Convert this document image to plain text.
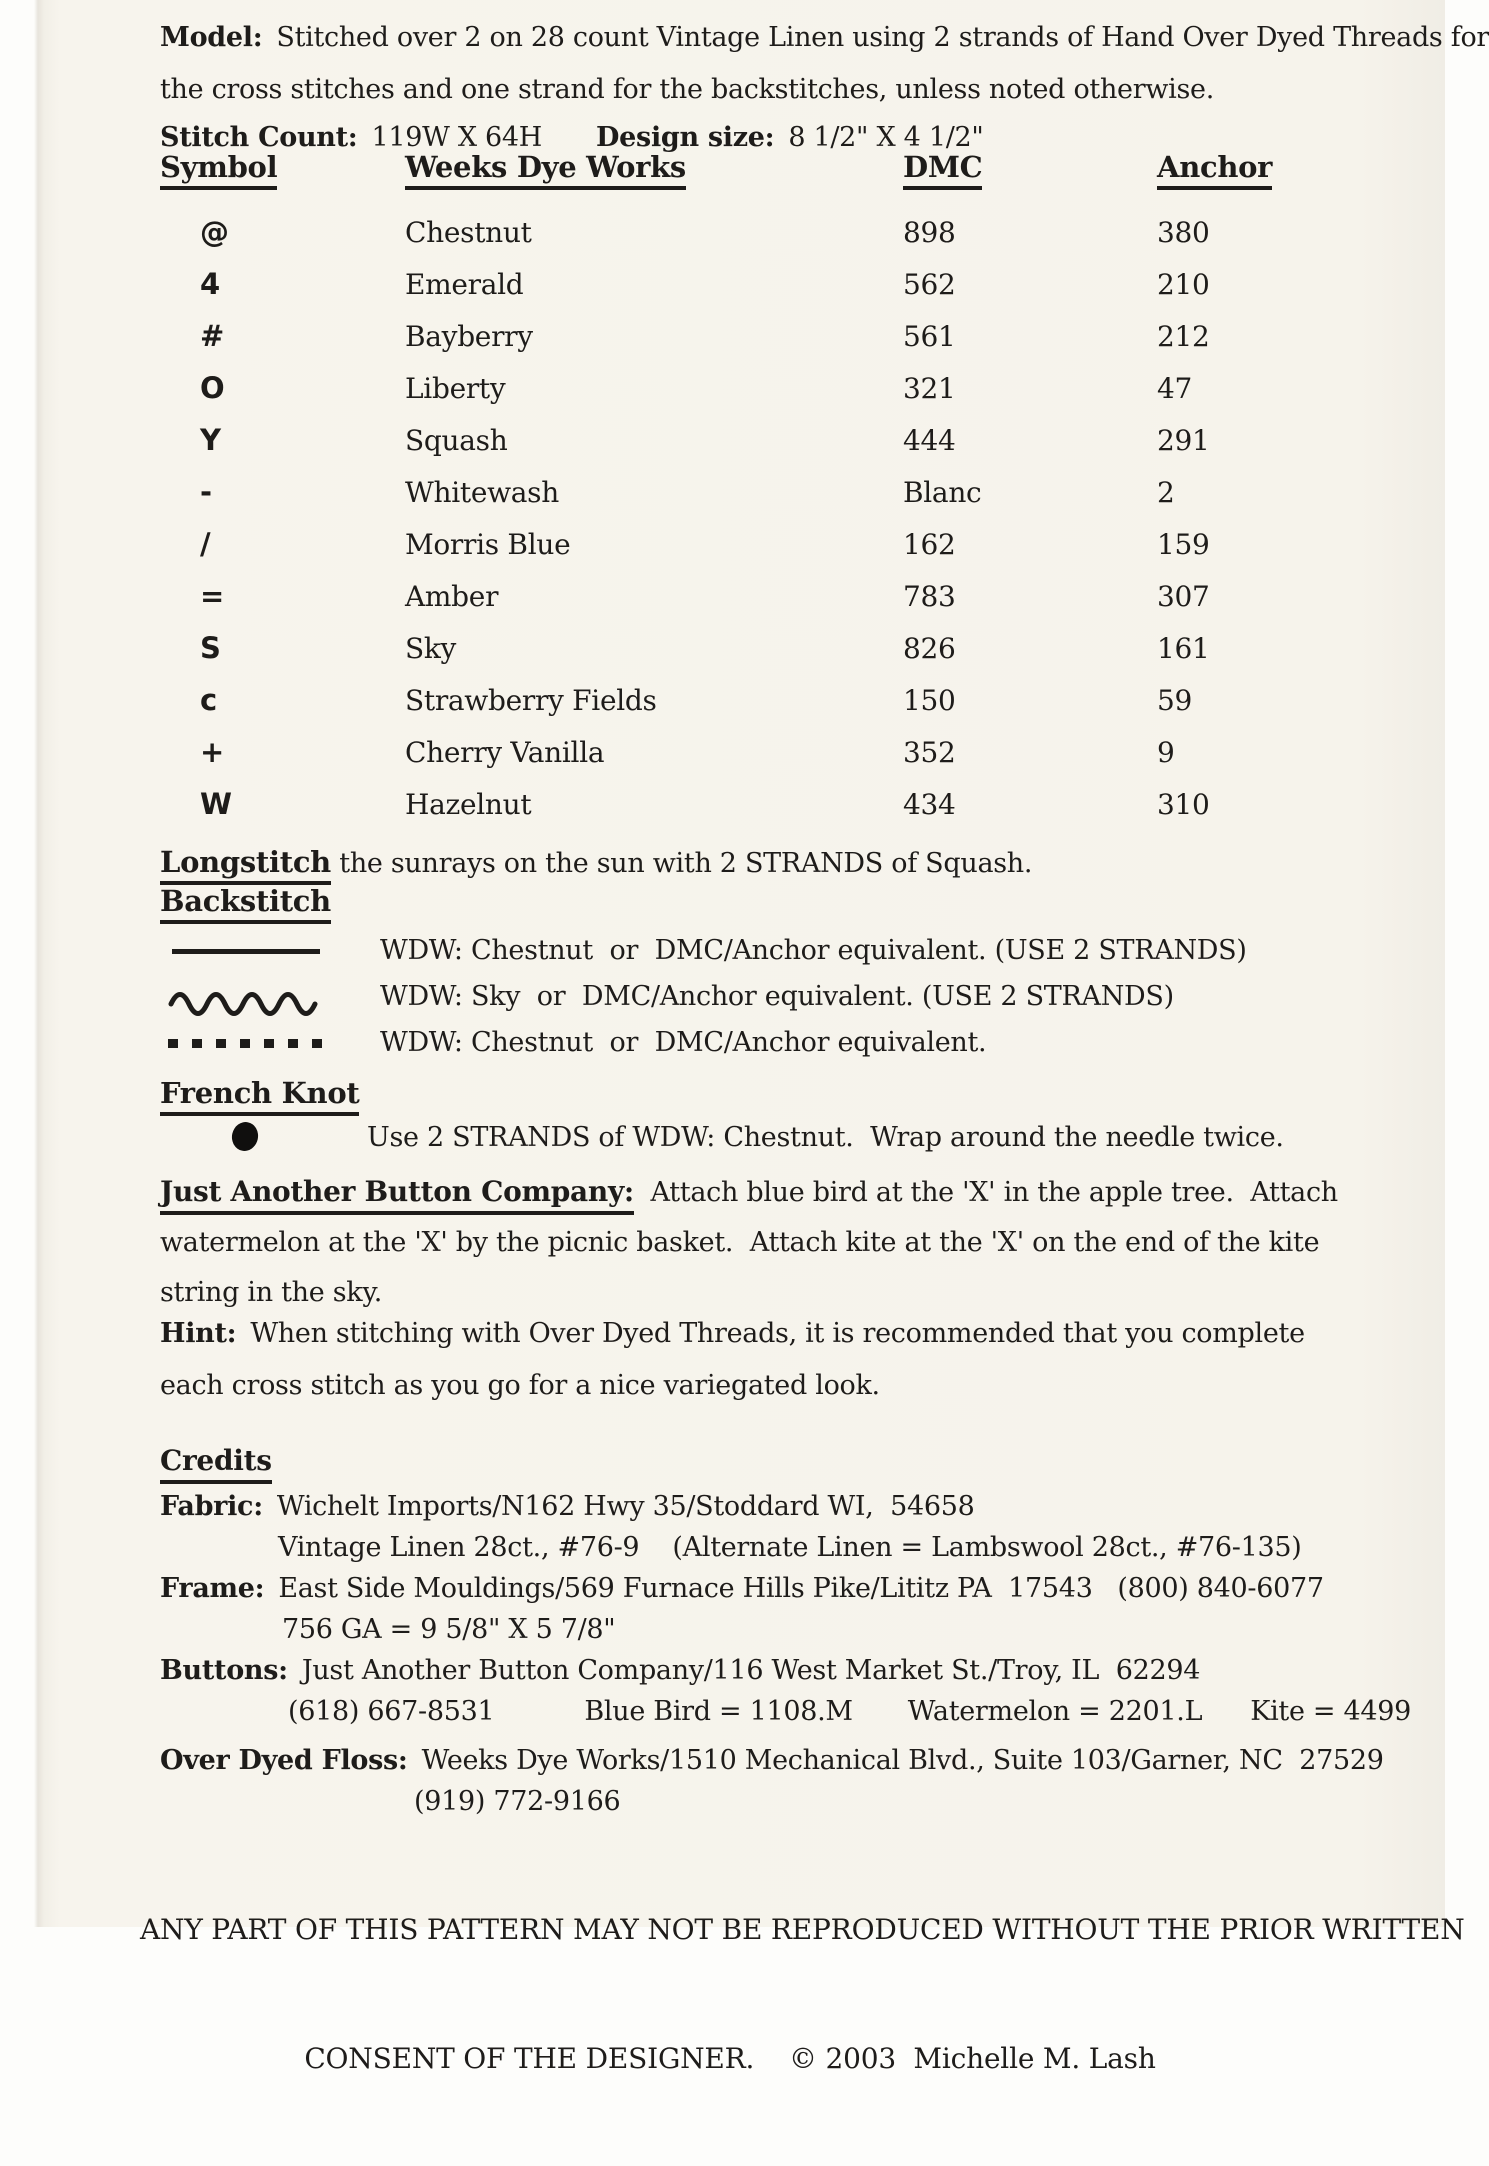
Model: Stitched over 2 on 28 count Vintage Linen using 2 strands of Hand Over Dyed Threads for
the cross stitches and one strand for the backstitches, unless noted otherwise.
Stitch Count: 119W X 64H Design size: 8 1/2" X 4 1/2"
Symbol	Weeks Dye Works	DMC	Anchor
@	Chestnut	898	380
4	Emerald	562	210
#	Bayberry	561	212
O	Liberty	321	47
Y	Squash	444	291
-	Whitewash	Blanc	2
/	Morris Blue	162	159
=	Amber	783	307
S	Sky	826	161
c	Strawberry Fields	150	59
+	Cherry Vanilla	352	9
W	Hazelnut	434	310
Longstitch the sunrays on the sun with 2 STRANDS of Squash.
Backstitch
WDW: Chestnut  or  DMC/Anchor equivalent. (USE 2 STRANDS)
WDW: Sky  or  DMC/Anchor equivalent. (USE 2 STRANDS)
WDW: Chestnut  or  DMC/Anchor equivalent.
French Knot
Use 2 STRANDS of WDW: Chestnut.  Wrap around the needle twice.
Just Another Button Company:  Attach blue bird at the 'X' in the apple tree.  Attach
watermelon at the 'X' by the picnic basket.  Attach kite at the 'X' on the end of the kite
string in the sky.
Hint: When stitching with Over Dyed Threads, it is recommended that you complete
each cross stitch as you go for a nice variegated look.
Credits
Fabric: Wichelt Imports/N162 Hwy 35/Stoddard WI,  54658
Vintage Linen 28ct., #76-9    (Alternate Linen = Lambswool 28ct., #76-135)
Frame: East Side Mouldings/569 Furnace Hills Pike/Lititz PA  17543   (800) 840-6077
756 GA = 9 5/8" X 5 7/8"
Buttons: Just Another Button Company/116 West Market St./Troy, IL  62294
(618) 667-8531	Blue Bird = 1108.M Watermelon = 2201.L Kite = 4499
Over Dyed Floss: Weeks Dye Works/1510 Mechanical Blvd., Suite 103/Garner, NC  27529
(919) 772-9166

ANY PART OF THIS PATTERN MAY NOT BE REPRODUCED WITHOUT THE PRIOR WRITTEN

CONSENT OF THE DESIGNER.    © 2003  Michelle M. Lash
